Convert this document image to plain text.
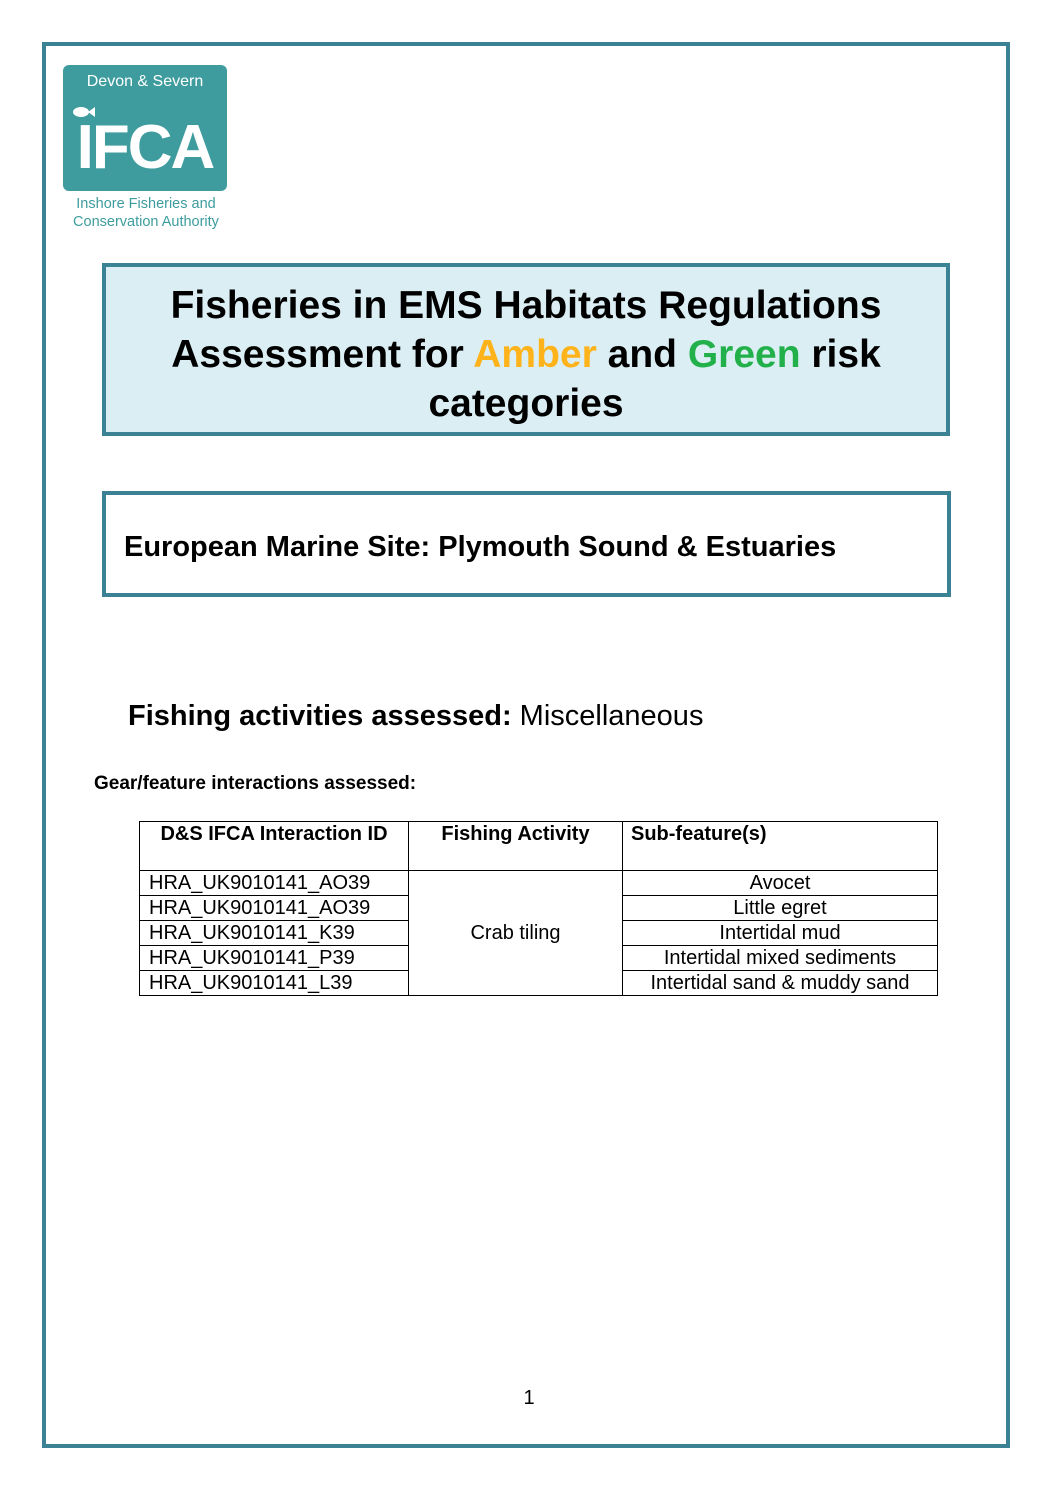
Devon & Severn
IFCA
Inshore Fisheries and
Conservation Authority
Fisheries in EMS Habitats Regulations Assessment for Amber and Green risk categories
European Marine Site: Plymouth Sound & Estuaries
Fishing activities assessed: Miscellaneous
Gear/feature interactions assessed:
D&S IFCA Interaction ID	Fishing Activity	Sub-feature(s)
HRA_UK9010141_AO39	Crab tiling	Avocet
HRA_UK9010141_AO39		Little egret
HRA_UK9010141_K39		Intertidal mud
HRA_UK9010141_P39		Intertidal mixed sediments
HRA_UK9010141_L39		Intertidal sand & muddy sand
1
